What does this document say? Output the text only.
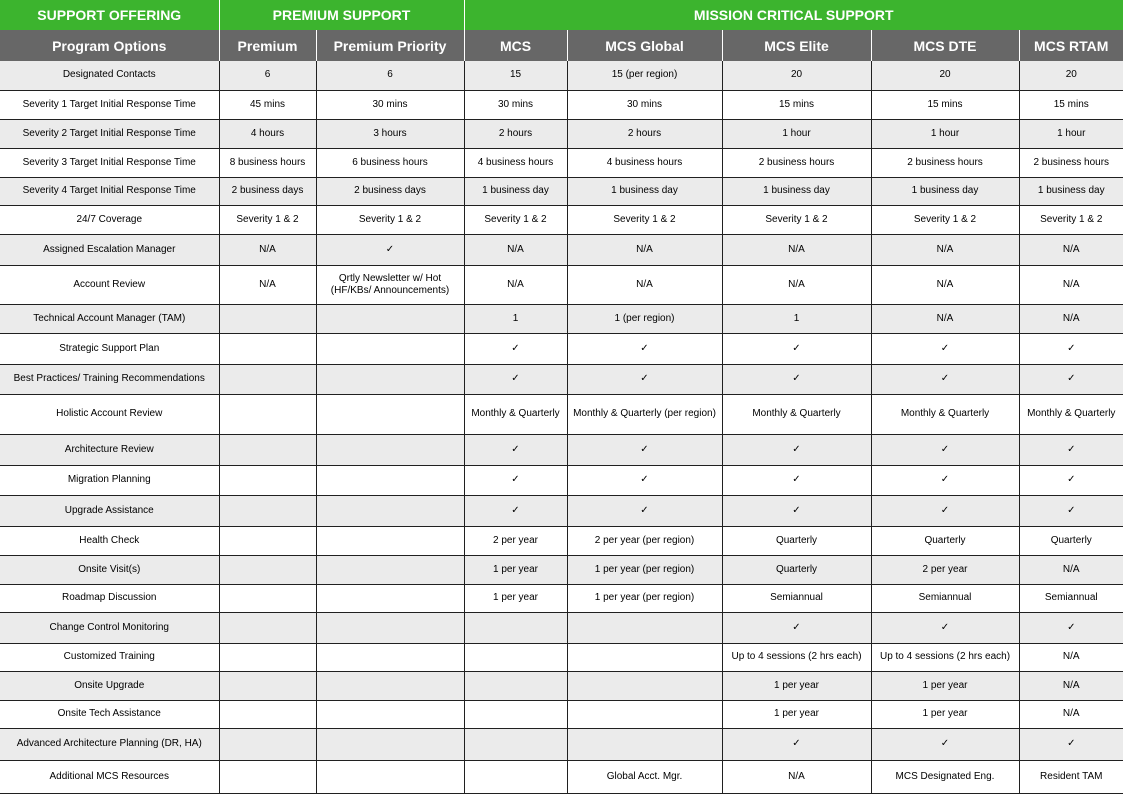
SUPPORT OFFERING	PREMIUM SUPPORT		MISSION CRITICAL SUPPORT				
Program Options	Premium	Premium Priority	MCS	MCS Global	MCS Elite	MCS DTE	MCS RTAM
Designated Contacts	6	6	15	15 (per region)	20	20	20
Severity 1 Target Initial Response Time	45 mins	30 mins	30 mins	30 mins	15 mins	15 mins	15 mins
Severity 2 Target Initial Response Time	4 hours	3 hours	2 hours	2 hours	1 hour	1 hour	1 hour
Severity 3 Target Initial Response Time	8 business hours	6 business hours	4 business hours	4 business hours	2 business hours	2 business hours	2 business hours
Severity 4 Target Initial Response Time	2 business days	2 business days	1 business day	1 business day	1 business day	1 business day	1 business day
24/7 Coverage	Severity 1 & 2	Severity 1 & 2	Severity 1 & 2	Severity 1 & 2	Severity 1 & 2	Severity 1 & 2	Severity 1 & 2
Assigned Escalation Manager	N/A	✓	N/A	N/A	N/A	N/A	N/A
Account Review	N/A	Qrtly Newsletter w/ Hot (HF/KBs/ Announcements)	N/A	N/A	N/A	N/A	N/A
Technical Account Manager (TAM)			1	1 (per region)	1	N/A	N/A
Strategic Support Plan			✓	✓	✓	✓	✓
Best Practices/ Training Recommendations			✓	✓	✓	✓	✓
Holistic Account Review			Monthly & Quarterly	Monthly & Quarterly (per region)	Monthly & Quarterly	Monthly & Quarterly	Monthly & Quarterly
Architecture Review			✓	✓	✓	✓	✓
Migration Planning			✓	✓	✓	✓	✓
Upgrade Assistance			✓	✓	✓	✓	✓
Health Check			2 per year	2 per year (per region)	Quarterly	Quarterly	Quarterly
Onsite Visit(s)			1 per year	1 per year (per region)	Quarterly	2 per year	N/A
Roadmap Discussion			1 per year	1 per year (per region)	Semiannual	Semiannual	Semiannual
Change Control Monitoring					✓	✓	✓
Customized Training					Up to 4 sessions (2 hrs each)	Up to 4 sessions (2 hrs each)	N/A
Onsite Upgrade					1 per year	1 per year	N/A
Onsite Tech Assistance					1 per year	1 per year	N/A
Advanced Architecture Planning (DR, HA)					✓	✓	✓
Additional MCS Resources				Global Acct. Mgr.	N/A	MCS Designated Eng.	Resident TAM
